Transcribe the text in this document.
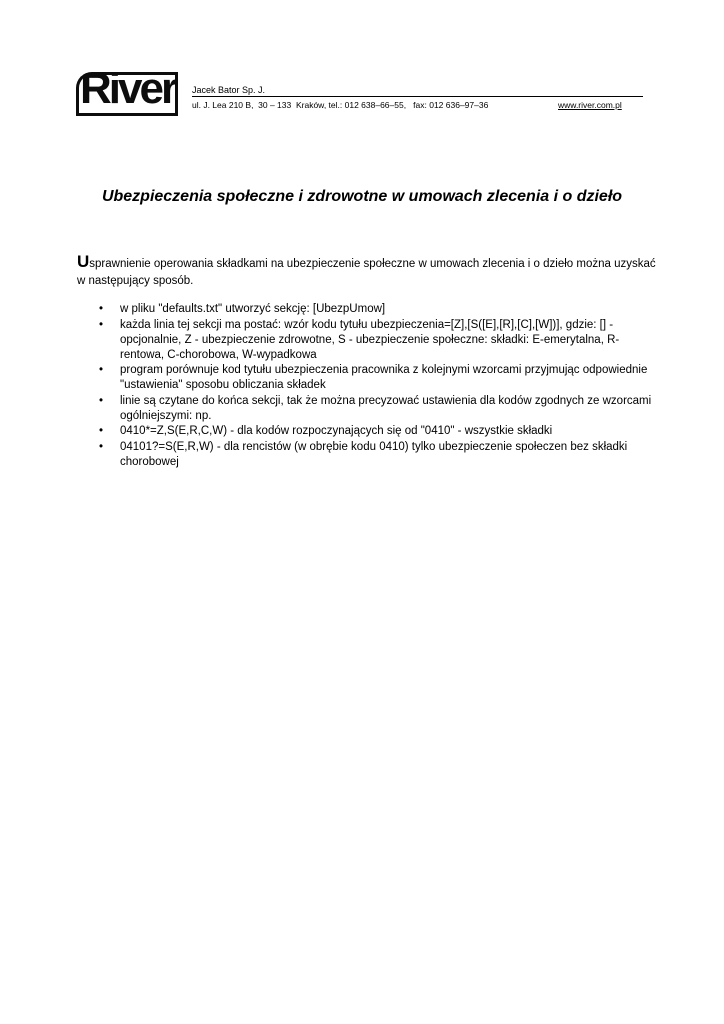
River Jacek Bator Sp. J.
ul. J. Lea 210 B,  30 – 133  Kraków, tel.: 012 638–66–55,   fax: 012 636–97–36	www.river.com.pl
Ubezpieczenia społeczne i zdrowotne w umowach zlecenia i o dzieło
Usprawnienie operowania składkami na ubezpieczenie społeczne w umowach zlecenia i o dzieło można uzyskać w następujący sposób.
• w pliku "defaults.txt" utworzyć sekcję: [UbezpUmow]
• każda linia tej sekcji ma postać: wzór kodu tytułu ubezpieczenia=[Z],[S([E],[R],[C],[W])], gdzie: [] - opcjonalnie, Z - ubezpieczenie zdrowotne, S - ubezpieczenie społeczne: składki: E-emerytalna, R-rentowa, C-chorobowa, W-wypadkowa
• program porównuje kod tytułu ubezpieczenia pracownika z kolejnymi wzorcami przyjmując odpowiednie "ustawienia" sposobu obliczania składek
• linie są czytane do końca sekcji, tak że można precyzować ustawienia dla kodów zgodnych ze wzorcami ogólniejszymi: np.
• 0410*=Z,S(E,R,C,W) - dla kodów rozpoczynających się od "0410" - wszystkie składki
• 04101?=S(E,R,W) - dla rencistów (w obrębie kodu 0410) tylko ubezpieczenie społeczen bez składki chorobowej
